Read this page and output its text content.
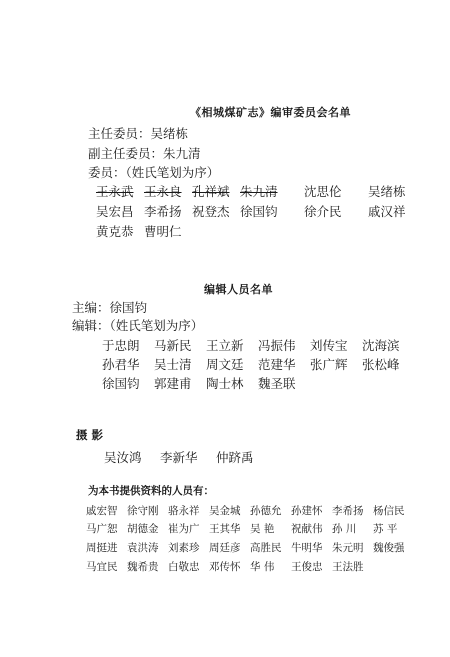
《相城煤矿志》编审委员会名单
主任委员：吴绪栋
副主任委员：朱九清
委员：（姓氏笔划为序）
王永武 王永良 孔祥斌 朱九清 沈思伦 吴绪栋
吴宏昌 李希扬 祝登杰 徐国钧 徐介民 戚汉祥
黄克恭 曹明仁
编辑人员名单
主编：徐国钧
编辑：（姓氏笔划为序）
于忠朗 马新民 王立新 冯振伟 刘传宝 沈海滨
孙君华 吴士清 周文廷 范建华 张广辉 张松峰
徐国钧 郭建甫 陶士林 魏圣联
摄 影
吴汝鸿 李新华 仲跻禹
为本书提供资料的人员有：
戚宏智 徐守刚 骆永祥 吴金城 孙德允 孙建怀 李希扬 杨信民
马广恕 胡德金 崔为广 王其华 吴 艳 祝献伟 孙 川 苏 平
周挺进 袁洪涛 刘素珍 周廷彦 高胜民 牛明华 朱元明 魏俊强
马宜民 魏希贵 白敬忠 邓传怀 华 伟 王俊忠 王法胜
